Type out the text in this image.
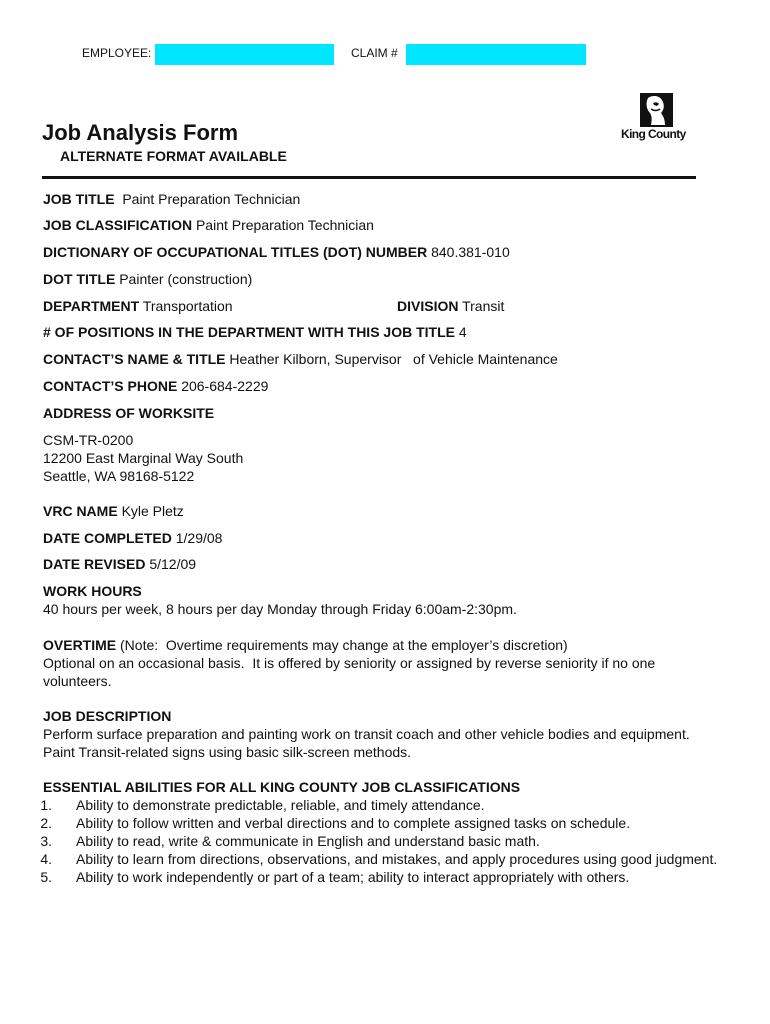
EMPLOYEE:	CLAIM #
King County
Job Analysis Form
ALTERNATE FORMAT AVAILABLE
JOB TITLE Paint Preparation Technician
JOB CLASSIFICATION Paint Preparation Technician
DICTIONARY OF OCCUPATIONAL TITLES (DOT) NUMBER 840.381-010
DOT TITLE Painter (construction)
DEPARTMENT Transportation	DIVISION Transit
# OF POSITIONS IN THE DEPARTMENT WITH THIS JOB TITLE 4
CONTACT’S NAME & TITLE Heather Kilborn, Supervisor   of Vehicle Maintenance
CONTACT’S PHONE 206-684-2229
ADDRESS OF WORKSITE
CSM-TR-0200
12200 East Marginal Way South
Seattle, WA 98168-5122
VRC NAME Kyle Pletz
DATE COMPLETED 1/29/08
DATE REVISED 5/12/09
WORK HOURS
40 hours per week, 8 hours per day Monday through Friday 6:00am-2:30pm.
OVERTIME (Note:  Overtime requirements may change at the employer’s discretion)
Optional on an occasional basis.  It is offered by seniority or assigned by reverse seniority if no one volunteers.
JOB DESCRIPTION
Perform surface preparation and painting work on transit coach and other vehicle bodies and equipment.  Paint Transit-related signs using basic silk-screen methods.
ESSENTIAL ABILITIES FOR ALL KING COUNTY JOB CLASSIFICATIONS
1. Ability to demonstrate predictable, reliable, and timely attendance.
2. Ability to follow written and verbal directions and to complete assigned tasks on schedule.
3. Ability to read, write & communicate in English and understand basic math.
4. Ability to learn from directions, observations, and mistakes, and apply procedures using good judgment.
5. Ability to work independently or part of a team; ability to interact appropriately with others.
